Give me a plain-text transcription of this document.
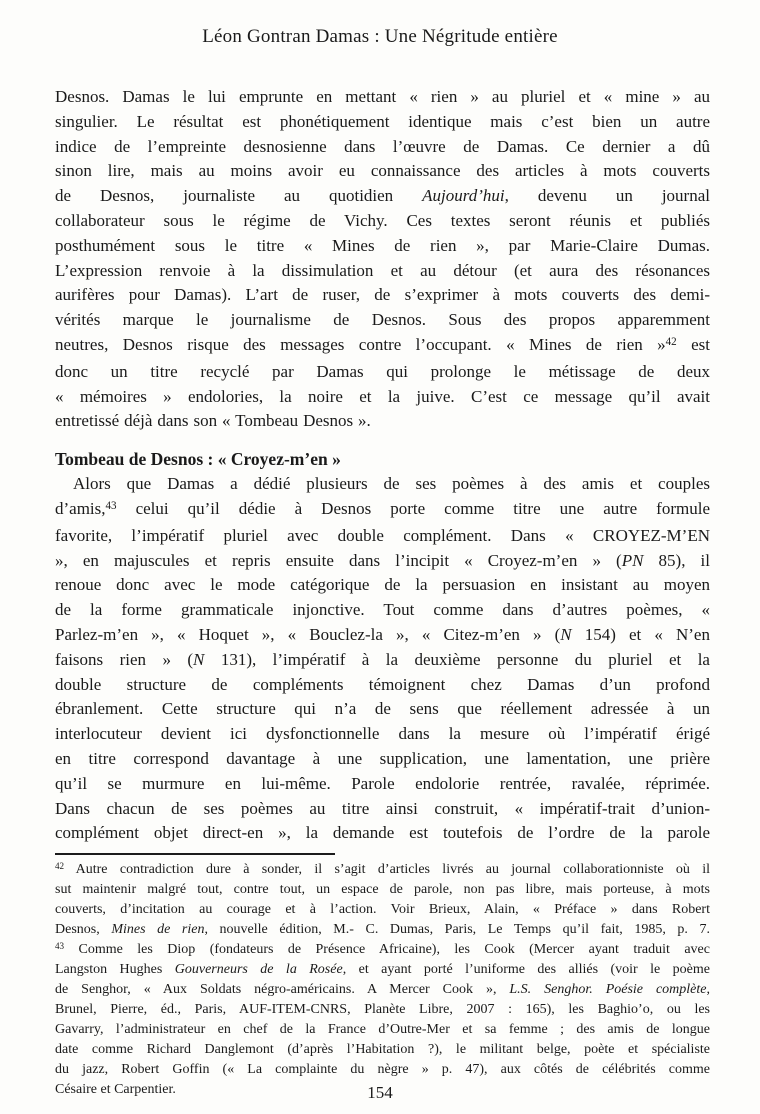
Léon Gontran Damas : Une Négritude entière
Desnos. Damas le lui emprunte en mettant « rien » au pluriel et « mine » au
singulier. Le résultat est phonétiquement identique mais c’est bien un autre
indice de l’empreinte desnosienne dans l’œuvre de Damas. Ce dernier a dû
sinon lire, mais au moins avoir eu connaissance des articles à mots couverts
de Desnos, journaliste au quotidien Aujourd’hui, devenu un journal
collaborateur sous le régime de Vichy. Ces textes seront réunis et publiés
posthumément sous le titre « Mines de rien », par Marie-Claire Dumas.
L’expression renvoie à la dissimulation et au détour (et aura des résonances
aurifères pour Damas). L’art de ruser, de s’exprimer à mots couverts des demi-
vérités marque le journalisme de Desnos. Sous des propos apparemment
neutres, Desnos risque des messages contre l’occupant. « Mines de rien »$^{42}$ est
donc un titre recyclé par Damas qui prolonge le métissage de deux
« mémoires » endolories, la noire et la juive. C’est ce message qu’il avait
entretissé déjà dans son « Tombeau Desnos ».
Tombeau de Desnos : « Croyez-m’en »
Alors que Damas a dédié plusieurs de ses poèmes à des amis et couples
d’amis,$^{43}$ celui qu’il dédie à Desnos porte comme titre une autre formule
favorite, l’impératif pluriel avec double complément. Dans « CROYEZ-M’EN
», en majuscules et repris ensuite dans l’incipit « Croyez-m’en » (PN 85), il
renoue donc avec le mode catégorique de la persuasion en insistant au moyen
de la forme grammaticale injonctive. Tout comme dans d’autres poèmes, «
Parlez-m’en », « Hoquet », « Bouclez-la », « Citez-m’en » (N 154) et « N’en
faisons rien » (N 131), l’impératif à la deuxième personne du pluriel et la
double structure de compléments témoignent chez Damas d’un profond
ébranlement. Cette structure qui n’a de sens que réellement adressée à un
interlocuteur devient ici dysfonctionnelle dans la mesure où l’impératif érigé
en titre correspond davantage à une supplication, une lamentation, une prière
qu’il se murmure en lui-même. Parole endolorie rentrée, ravalée, réprimée.
Dans chacun de ses poèmes au titre ainsi construit, « impératif-trait d’union-
complément objet direct-en », la demande est toutefois de l’ordre de la parole
$^{42}$ Autre contradiction dure à sonder, il s’agit d’articles livrés au journal collaborationniste où il
sut maintenir malgré tout, contre tout, un espace de parole, non pas libre, mais porteuse, à mots
couverts, d’incitation au courage et à l’action. Voir Brieux, Alain, « Préface » dans Robert
Desnos, Mines de rien, nouvelle édition, M.- C. Dumas, Paris, Le Temps qu’il fait, 1985, p. 7.
$^{43}$ Comme les Diop (fondateurs de Présence Africaine), les Cook (Mercer ayant traduit avec
Langston Hughes Gouverneurs de la Rosée, et ayant porté l’uniforme des alliés (voir le poème
de Senghor, « Aux Soldats négro-américains. A Mercer Cook », L.S. Senghor. Poésie complète,
Brunel, Pierre, éd., Paris, AUF-ITEM-CNRS, Planète Libre, 2007 : 165), les Baghio’o, ou les
Gavarry, l’administrateur en chef de la France d’Outre-Mer et sa femme ; des amis de longue
date comme Richard Danglemont (d’après l’Habitation ?), le militant belge, poète et spécialiste
du jazz, Robert Goffin (« La complainte du nègre » p. 47), aux côtés de célébrités comme
Césaire et Carpentier.	154
